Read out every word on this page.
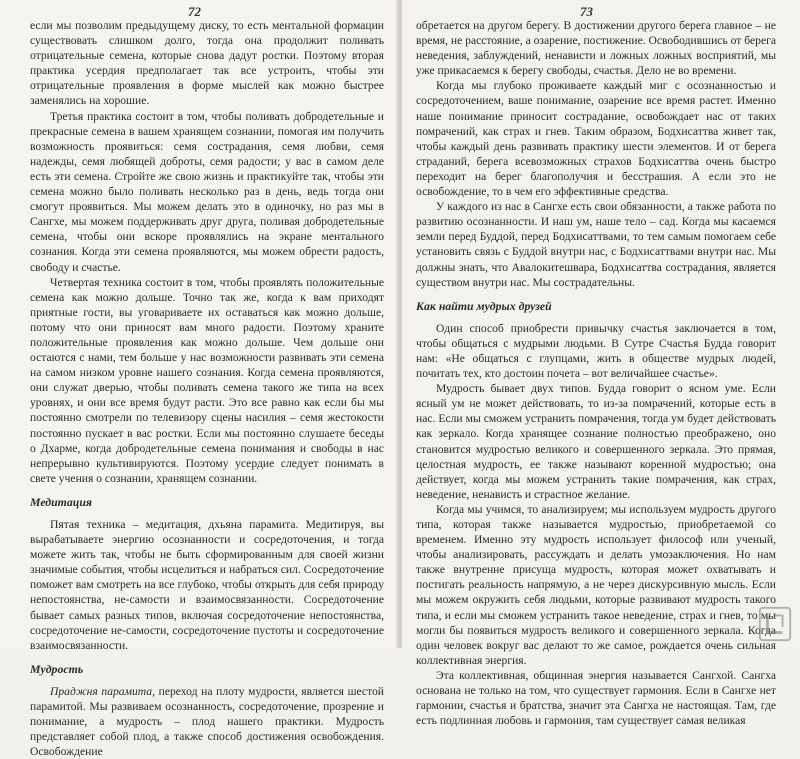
72

если мы позволим предыдущему диску, то есть ментальной формации существовать слишком долго, тогда она продолжит поливать отрицательные семена, которые снова дадут ростки. Поэтому вторая практика усердия предполагает так все устроить, чтобы эти отрицательные проявления в форме мыслей как можно быстрее заменялись на хорошие.

Третья практика состоит в том, чтобы поливать добродетельные и прекрасные семена в вашем хранящем сознании, помогая им получить возможность проявиться: семя сострадания, семя любви, семя надежды, семя любящей доброты, семя радости; у вас в самом деле есть эти семена. Стройте же свою жизнь и практикуйте так, чтобы эти семена можно было поливать несколько раз в день, ведь тогда они смогут проявиться. Мы можем делать это в одиночку, но раз мы в Сангхе, мы можем поддерживать друг друга, поливая добродетельные семена, чтобы они вскоре проявлялись на экране ментального сознания. Когда эти семена проявляются, мы можем обрести радость, свободу и счастье.

Четвертая техника состоит в том, чтобы проявлять положительные семена как можно дольше. Точно так же, когда к вам приходят приятные гости, вы уговариваете их оставаться как можно дольше, потому что они приносят вам много радости. Поэтому храните положительные проявления как можно дольше. Чем дольше они остаются с нами, тем больше у нас возможности развивать эти семена на самом низком уровне нашего сознания. Когда семена проявляются, они служат дверью, чтобы поливать семена такого же типа на всех уровнях, и они все время будут расти. Это все равно как если бы мы постоянно смотрели по телевизору сцены насилия – семя жестокости постоянно пускает в вас ростки. Если мы постоянно слушаете беседы о Дхарме, когда добродетельные семена понимания и свободы в нас непрерывно культивируются. Поэтому усердие следует понимать в свете учения о сознании, хранящем сознании.

Медитация

Пятая техника – медитация, дхьяна парамита. Медитируя, вы вырабатываете энергию осознанности и сосредоточения, и тогда можете жить так, чтобы не быть сформированным для своей жизни значимые события, чтобы исцелиться и набраться сил. Сосредоточение поможет вам смотреть на все глубоко, чтобы открыть для себя природу непостоянства, не-самости и взаимосвязанности. Сосредоточение бывает самых разных типов, включая сосредоточение непостоянства, сосредоточение не-самости, сосредоточение пустоты и сосредоточение взаимосвязанности.

Мудрость

Праджня парамита, переход на плоту мудрости, является шестой парамитой. Мы развиваем осознанность, сосредоточение, прозрение и понимание, а мудрость – плод нашего практики. Мудрость представляет собой плод, а также способ достижения освобождения. Освобождение

73

обретается на другом берегу. В достижении другого берега главное – не время, не расстояние, а озарение, постижение. Освободившись от берега неведения, заблуждений, ненависти и ложных ложных восприятий, мы уже прикасаемся к берегу свободы, счастья. Дело не во времени.

Когда мы глубоко проживаете каждый миг с осознанностью и сосредоточением, ваше понимание, озарение все время растет. Именно наше понимание приносит сострадание, освобождает нас от таких помрачений, как страх и гнев. Таким образом, Бодхисаттва живет так, чтобы каждый день развивать практику шести элементов. И от берега страданий, берега всевозможных страхов Бодхисаттва очень быстро переходит на берег благополучия и бесстрашия. А если это не освобождение, то в чем его эффективные средства.

У каждого из нас в Сангхе есть свои обязанности, а также работа по развитию осознанности. И наш ум, наше тело – сад. Когда мы касаемся земли перед Буддой, перед Бодхисаттвами, то тем самым помогаем себе установить связь с Буддой внутри нас, с Бодхисаттвами внутри нас. Мы должны знать, что Авалокитешвара, Бодхисаттва сострадания, является существом внутри нас. Мы сострадательны.

Как найти мудрых друзей

Один способ приобрести привычку счастья заключается в том, чтобы общаться с мудрыми людьми. В Сутре Счастья Будда говорит нам: «Не общаться с глупцами, жить в обществе мудрых людей, почитать тех, кто достоин почета – вот величайшее счастье».

Мудрость бывает двух типов. Будда говорит о ясном уме. Если ясный ум не может действовать, то из-за помрачений, которые есть в нас. Если мы сможем устранить помрачения, тогда ум будет действовать как зеркало. Когда хранящее сознание полностью преображено, оно становится мудростью великого и совершенного зеркала. Это прямая, целостная мудрость, ее также называют коренной мудростью; она действует, когда мы можем устранить такие помрачения, как страх, неведение, ненависть и страстное желание.

Когда мы учимся, то анализируем; мы используем мудрость другого типа, которая также называется мудростью, приобретаемой со временем. Именно эту мудрость использует философ или ученый, чтобы анализировать, рассуждать и делать умозаключения. Но нам также внутренне присуща мудрость, которая может охватывать и постигать реальность напрямую, а не через дискурсивную мысль. Если мы можем окружить себя людьми, которые развивают мудрость такого типа, и если мы сможем устранить такое неведение, страх и гнев, то мы могли бы появиться мудрость великого и совершенного зеркала. Когда один человек вокруг вас делают то же самое, рождается очень сильная коллективная энергия.

Эта коллективная, общинная энергия называется Сангхой. Сангха основана не только на том, что существует гармония. Если в Сангхе нет гармонии, счастья и братства, значит эта Сангха не настоящая. Там, где есть подлинная любовь и гармония, там существует самая великая
